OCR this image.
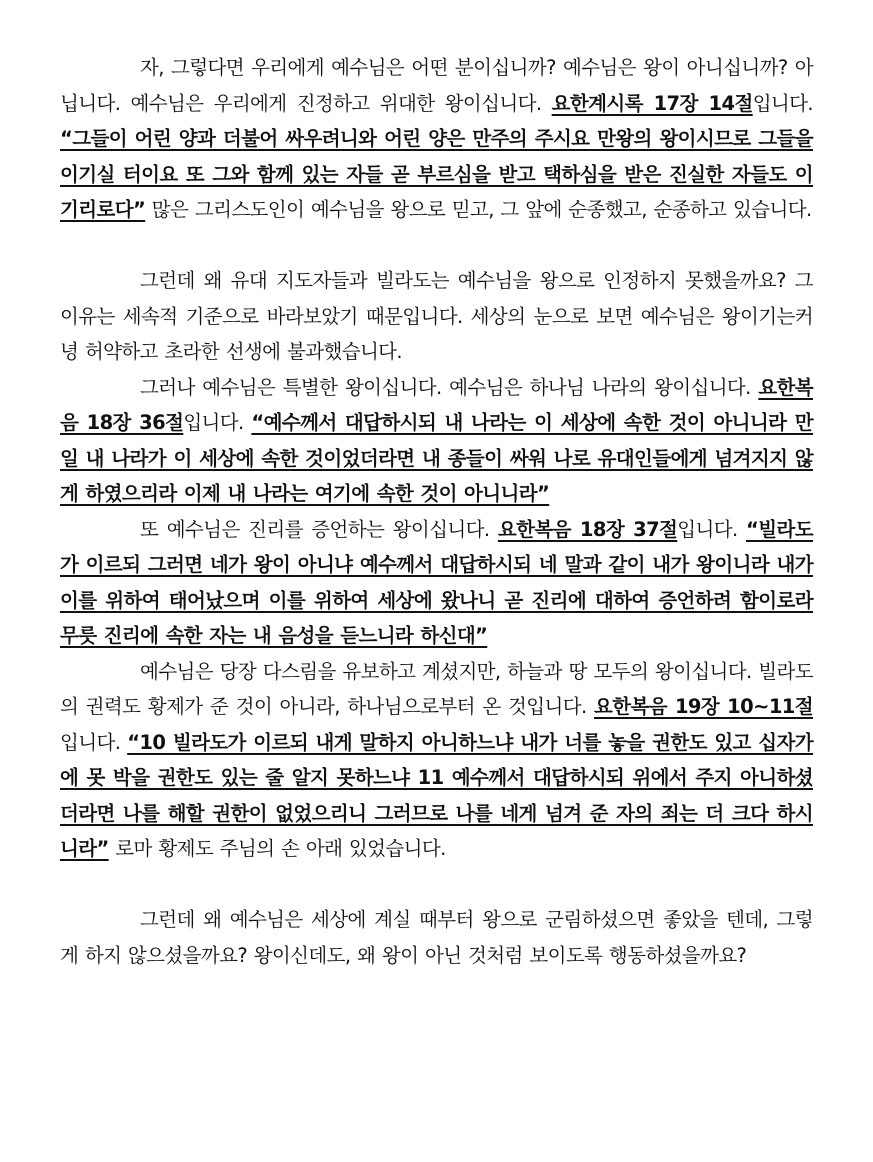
자, 그렇다면 우리에게 예수님은 어떤 분이십니까? 예수님은 왕이 아니십니까? 아닙니다. 예수님은 우리에게 진정하고 위대한 왕이십니다. 요한계시록 17장 14절입니다. “그들이 어린 양과 더불어 싸우려니와 어린 양은 만주의 주시요 만왕의 왕이시므로 그들을 이기실 터이요 또 그와 함께 있는 자들 곧 부르심을 받고 택하심을 받은 진실한 자들도 이기리로다” 많은 그리스도인이 예수님을 왕으로 믿고, 그 앞에 순종했고, 순종하고 있습니다.

그런데 왜 유대 지도자들과 빌라도는 예수님을 왕으로 인정하지 못했을까요? 그 이유는 세속적 기준으로 바라보았기 때문입니다. 세상의 눈으로 보면 예수님은 왕이기는커녕 허약하고 초라한 선생에 불과했습니다.

그러나 예수님은 특별한 왕이십니다. 예수님은 하나님 나라의 왕이십니다. 요한복음 18장 36절입니다. “예수께서 대답하시되 내 나라는 이 세상에 속한 것이 아니니라 만일 내 나라가 이 세상에 속한 것이었더라면 내 종들이 싸워 나로 유대인들에게 넘겨지지 않게 하였으리라 이제 내 나라는 여기에 속한 것이 아니니라”

또 예수님은 진리를 증언하는 왕이십니다. 요한복음 18장 37절입니다. “빌라도가 이르되 그러면 네가 왕이 아니냐 예수께서 대답하시되 네 말과 같이 내가 왕이니라 내가 이를 위하여 태어났으며 이를 위하여 세상에 왔나니 곧 진리에 대하여 증언하려 함이로라 무릇 진리에 속한 자는 내 음성을 듣느니라 하신대”

예수님은 당장 다스림을 유보하고 계셨지만, 하늘과 땅 모두의 왕이십니다. 빌라도의 권력도 황제가 준 것이 아니라, 하나님으로부터 온 것입니다. 요한복음 19장 10~11절입니다. “10 빌라도가 이르되 내게 말하지 아니하느냐 내가 너를 놓을 권한도 있고 십자가에 못 박을 권한도 있는 줄 알지 못하느냐 11 예수께서 대답하시되 위에서 주지 아니하셨더라면 나를 해할 권한이 없었으리니 그러므로 나를 네게 넘겨 준 자의 죄는 더 크다 하시니라” 로마 황제도 주님의 손 아래 있었습니다.

그런데 왜 예수님은 세상에 계실 때부터 왕으로 군림하셨으면 좋았을 텐데, 그렇게 하지 않으셨을까요? 왕이신데도, 왜 왕이 아닌 것처럼 보이도록 행동하셨을까요?
